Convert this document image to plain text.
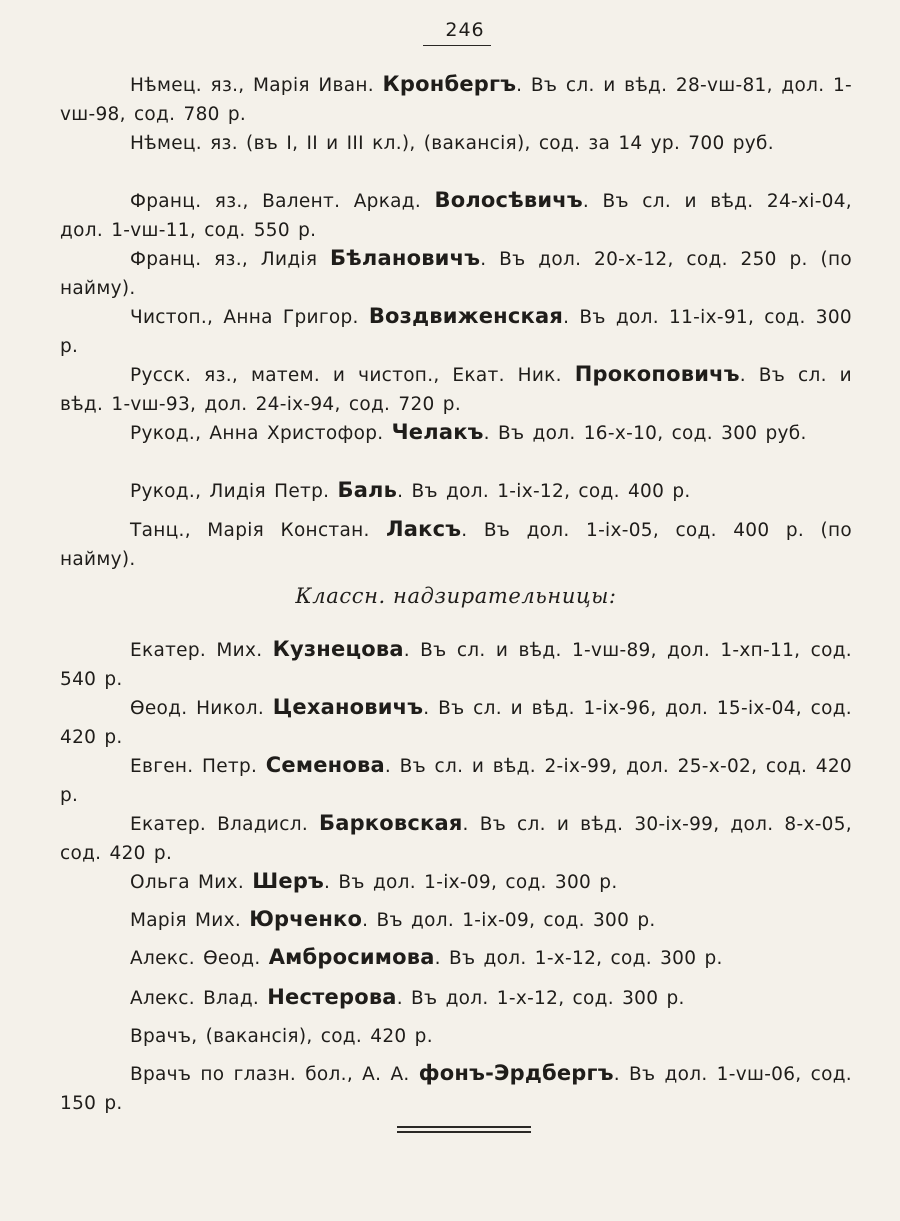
246

Нѣмец. яз., Марія Иван. Кронбергъ. Въ сл. и вѣд. 28-vш-81, дол. 1-vш-98, сод. 780 р.

Нѣмец. яз. (въ I, II и III кл.), (вакансія), сод. за 14 ур. 700 руб.

Франц. яз., Валент. Аркад. Волосѣвичъ. Въ сл. и вѣд. 24-хі-04, дол. 1-vш-11, сод. 550 р.

Франц. яз., Лидія Бѣлановичъ. Въ дол. 20-х-12, сод. 250 р. (по найму).

Чистоп., Анна Григор. Воздвиженская. Въ дол. 11-іх-91, сод. 300 р.

Русск. яз., матем. и чистоп., Екат. Ник. Прокоповичъ. Въ сл. и вѣд. 1-vш-93, дол. 24-іх-94, сод. 720 р.

Рукод., Анна Христофор. Челакъ. Въ дол. 16-х-10, сод. 300 руб.

Рукод., Лидія Петр. Баль. Въ дол. 1-іх-12, сод. 400 р.

Танц., Марія Констан. Лаксъ. Въ дол. 1-іх-05, сод. 400 р. (по найму).

Классн. надзирательницы:

Екатер. Мих. Кузнецова. Въ сл. и вѣд. 1-vш-89, дол. 1-хп-11, сод. 540 р.

Ѳеод. Никол. Цехановичъ. Въ сл. и вѣд. 1-іх-96, дол. 15-іх-04, сод. 420 р.

Евген. Петр. Семенова. Въ сл. и вѣд. 2-іх-99, дол. 25-х-02, сод. 420 р.

Екатер. Владисл. Барковская. Въ сл. и вѣд. 30-іх-99, дол. 8-х-05, сод. 420 р.

Ольга Мих. Шеръ. Въ дол. 1-іх-09, сод. 300 р.

Марія Мих. Юрченко. Въ дол. 1-іх-09, сод. 300 р.

Алекс. Ѳеод. Амбросимова. Въ дол. 1-х-12, сод. 300 р.

Алекс. Влад. Нестерова. Въ дол. 1-х-12, сод. 300 р.

Врачъ, (вакансія), сод. 420 р.

Врачъ по глазн. бол., А. А. фонъ-Эрдбергъ. Въ дол. 1-vш-06, сод. 150 р.
